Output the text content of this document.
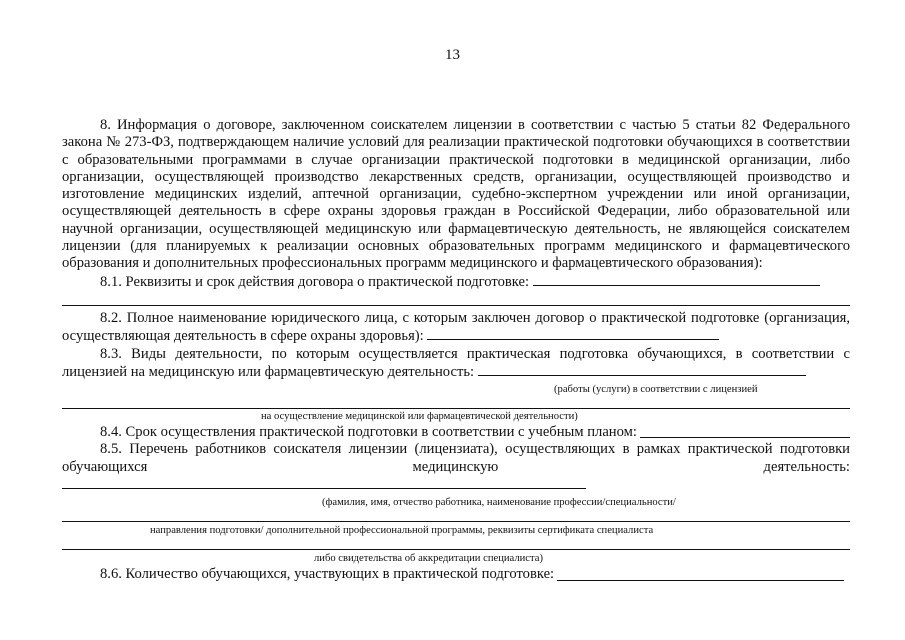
13

8. Информация о договоре, заключенном соискателем лицензии в соответствии с частью 5 статьи 82 Федерального закона № 273-ФЗ, подтверждающем наличие условий для реализации практической подготовки обучающихся в соответствии с образовательными программами в случае организации практической подготовки в медицинской организации, либо организации, осуществляющей производство лекарственных средств, организации, осуществляющей производство и изготовление медицинских изделий, аптечной организации, судебно-экспертном учреждении или иной организации, осуществляющей деятельность в сфере охраны здоровья граждан в Российской Федерации, либо образовательной или научной организации, осуществляющей медицинскую или фармацевтическую деятельность, не являющейся соискателем лицензии (для планируемых к реализации основных образовательных программ медицинского и фармацевтического образования и дополнительных профессиональных программ медицинского и фармацевтического образования):

8.1. Реквизиты и срок действия договора о практической подготовке:

8.2. Полное наименование юридического лица, с которым заключен договор о практической подготовке (организация, осуществляющая деятельность в сфере охраны здоровья):

8.3. Виды деятельности, по которым осуществляется практическая подготовка обучающихся, в соответствии с лицензией на медицинскую или фармацевтическую деятельность:

(работы (услуги) в соответствии с лицензией
на осуществление медицинской или фармацевтической деятельности)
8.4. Срок осуществления практической подготовки в соответствии с учебным планом:

8.5. Перечень работников соискателя лицензии (лицензиата), осуществляющих в рамках практической подготовки обучающихся медицинскую деятельность:

(фамилия, имя, отчество работника, наименование профессии/специальности/
направления подготовки/ дополнительной профессиональной программы, реквизиты сертификата специалиста
либо свидетельства об аккредитации специалиста)
8.6. Количество обучающихся, участвующих в практической подготовке:
